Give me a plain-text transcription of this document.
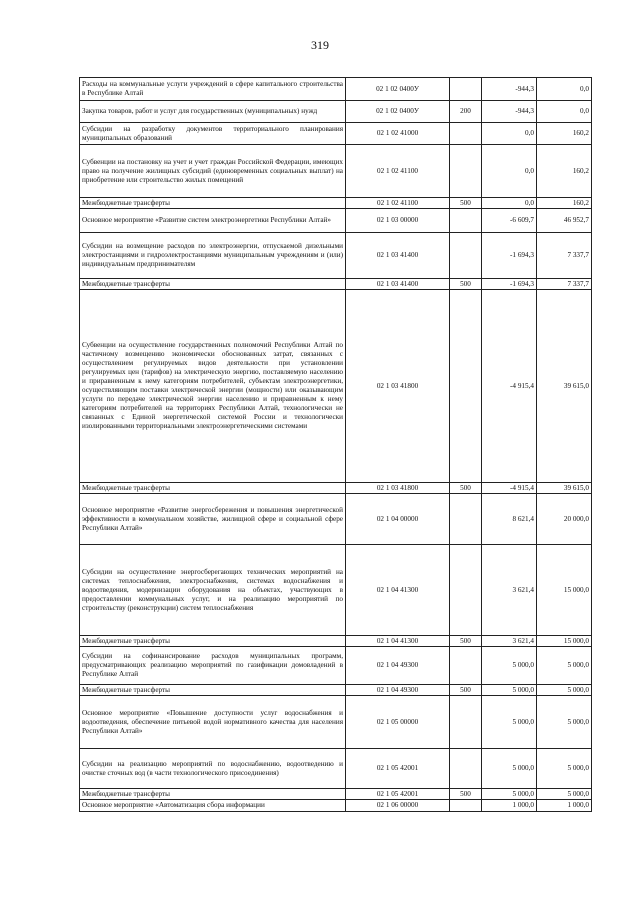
319
Расходы на коммунальные услуги учреждений в сфере капитального строительства в Республике Алтай	02 1 02 0400У		-944,3	0,0
Закупка товаров, работ и услуг для государственных (муниципальных) нужд	02 1 02 0400У	200	-944,3	0,0
Субсидии на разработку документов территориального планирования муниципальных образований	02 1 02 41000		0,0	160,2
Субвенции на постановку на учет и учет граждан Российской Федерации, имеющих право на получение жилищных субсидий (единовременных социальных выплат) на приобретение или строительство жилых помещений	02 1 02 41100		0,0	160,2
Межбюджетные трансферты	02 1 02 41100	500	0,0	160,2
Основное мероприятие «Развитие систем электроэнергетики Республики Алтай»	02 1 03 00000		-6 609,7	46 952,7
Субсидии на возмещение расходов по электроэнергии, отпускаемой дизельными электростанциями и гидроэлектростанциями муниципальным учреждениям и (или) индивидуальным предпринимателям	02 1 03 41400		-1 694,3	7 337,7
Межбюджетные трансферты	02 1 03 41400	500	-1 694,3	7 337,7
Субвенции на осуществление государственных полномочий Республики Алтай по частичному возмещению экономически обоснованных затрат, связанных с осуществлением регулируемых видов деятельности при установлении регулируемых цен (тарифов) на электрическую энергию, поставляемую населению и приравненным к нему категориям потребителей, субъектам электроэнергетики, осуществляющим поставки электрической энергии (мощности) или оказывающим услуги по передаче электрической энергии населению и приравненным к нему категориям потребителей на территориях Республики Алтай, технологически не связанных с Единой энергетической системой России и технологически изолированными территориальными электроэнергетическими системами	02 1 03 41800		-4 915,4	39 615,0
Межбюджетные трансферты	02 1 03 41800	500	-4 915,4	39 615,0
Основное мероприятие «Развитие энергосбережения и повышения энергетической эффективности в коммунальном хозяйстве, жилищной сфере и социальной сфере Республики Алтай»	02 1 04 00000		8 621,4	20 000,0
Субсидии на осуществление энергосберегающих технических мероприятий на системах теплоснабжения, электроснабжения, системах водоснабжения и водоотведения, модернизации оборудования на объектах, участвующих в предоставлении коммунальных услуг, и на реализацию мероприятий по строительству (реконструкции) систем теплоснабжения	02 1 04 41300		3 621,4	15 000,0
Межбюджетные трансферты	02 1 04 41300	500	3 621,4	15 000,0
Субсидии на софинансирование расходов муниципальных программ, предусматривающих реализацию мероприятий по газификации домовладений в Республике Алтай	02 1 04 49300		5 000,0	5 000,0
Межбюджетные трансферты	02 1 04 49300	500	5 000,0	5 000,0
Основное мероприятие «Повышение доступности услуг водоснабжения и водоотведения, обеспечение питьевой водой нормативного качества для населения Республики Алтай»	02 1 05 00000		5 000,0	5 000,0
Субсидии на реализацию мероприятий по водоснабжению, водоотведению и очистке сточных вод (в части технологического присоединения)	02 1 05 42001		5 000,0	5 000,0
Межбюджетные трансферты	02 1 05 42001	500	5 000,0	5 000,0
Основное мероприятие «Автоматизация сбора информации	02 1 06 00000		1 000,0	1 000,0
